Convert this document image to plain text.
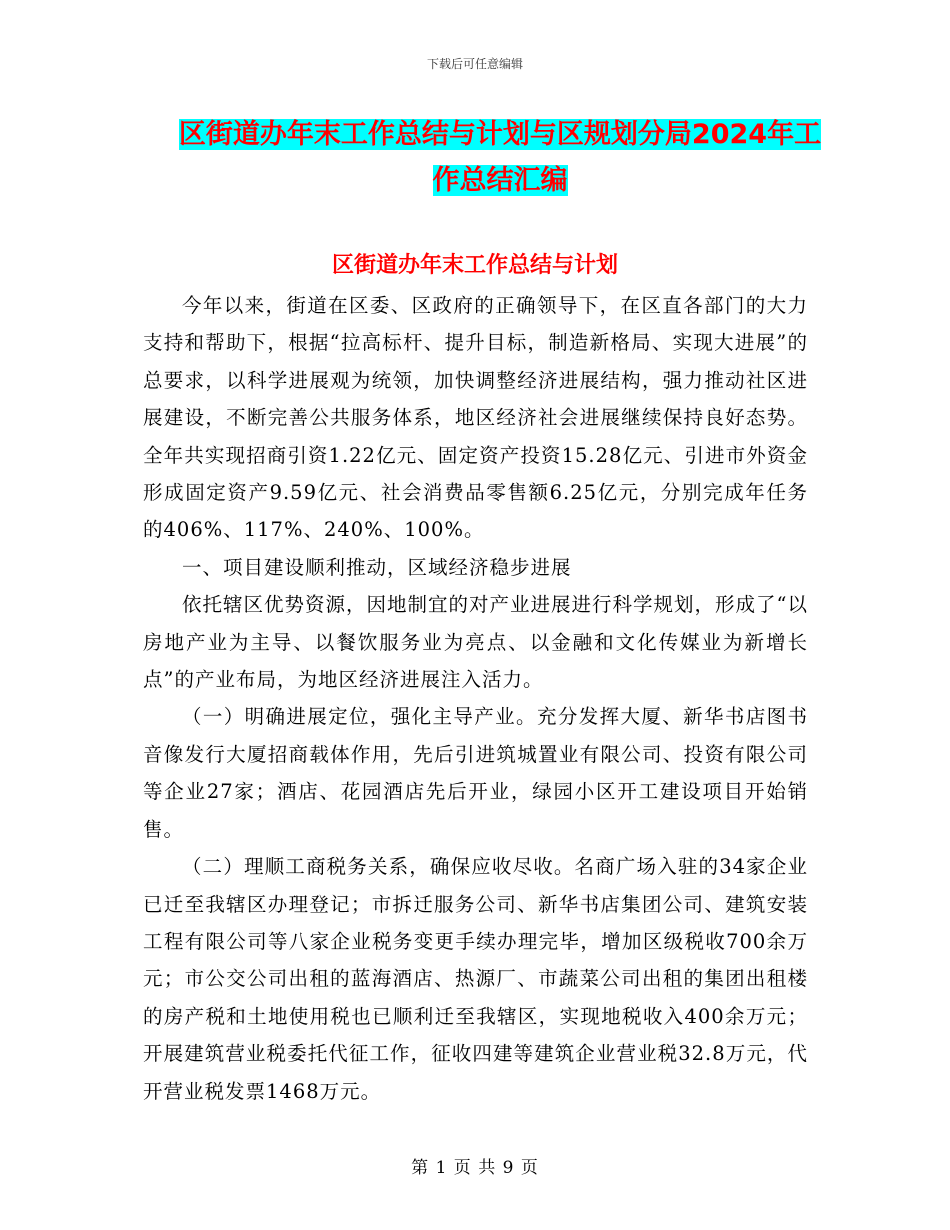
下载后可任意编辑
区街道办年末工作总结与计划与区规划分局2024年工
作总结汇编
区街道办年末工作总结与计划

今年以来，街道在区委、区政府的正确领导下，在区直各部门的大力支持和帮助下，根据“拉高标杆、提升目标，制造新格局、实现大进展”的总要求，以科学进展观为统领，加快调整经济进展结构，强力推动社区进展建设，不断完善公共服务体系，地区经济社会进展继续保持良好态势。全年共实现招商引资1.22亿元、固定资产投资15.28亿元、引进市外资金形成固定资产9.59亿元、社会消费品零售额6.25亿元，分别完成年任务的406%、117%、240%、100%。

一、项目建设顺利推动，区域经济稳步进展

依托辖区优势资源，因地制宜的对产业进展进行科学规划，形成了“以房地产业为主导、以餐饮服务业为亮点、以金融和文化传媒业为新增长点”的产业布局，为地区经济进展注入活力。

（一）明确进展定位，强化主导产业。充分发挥大厦、新华书店图书音像发行大厦招商载体作用，先后引进筑城置业有限公司、投资有限公司等企业27家；酒店、花园酒店先后开业，绿园小区开工建设项目开始销售。

（二）理顺工商税务关系，确保应收尽收。名商广场入驻的34家企业已迁至我辖区办理登记；市拆迁服务公司、新华书店集团公司、建筑安装工程有限公司等八家企业税务变更手续办理完毕，增加区级税收700余万元；市公交公司出租的蓝海酒店、热源厂、市蔬菜公司出租的集团出租楼的房产税和土地使用税也已顺利迁至我辖区，实现地税收入400余万元；开展建筑营业税委托代征工作，征收四建等建筑企业营业税32.8万元，代开营业税发票1468万元。

第 1 页 共 9 页
